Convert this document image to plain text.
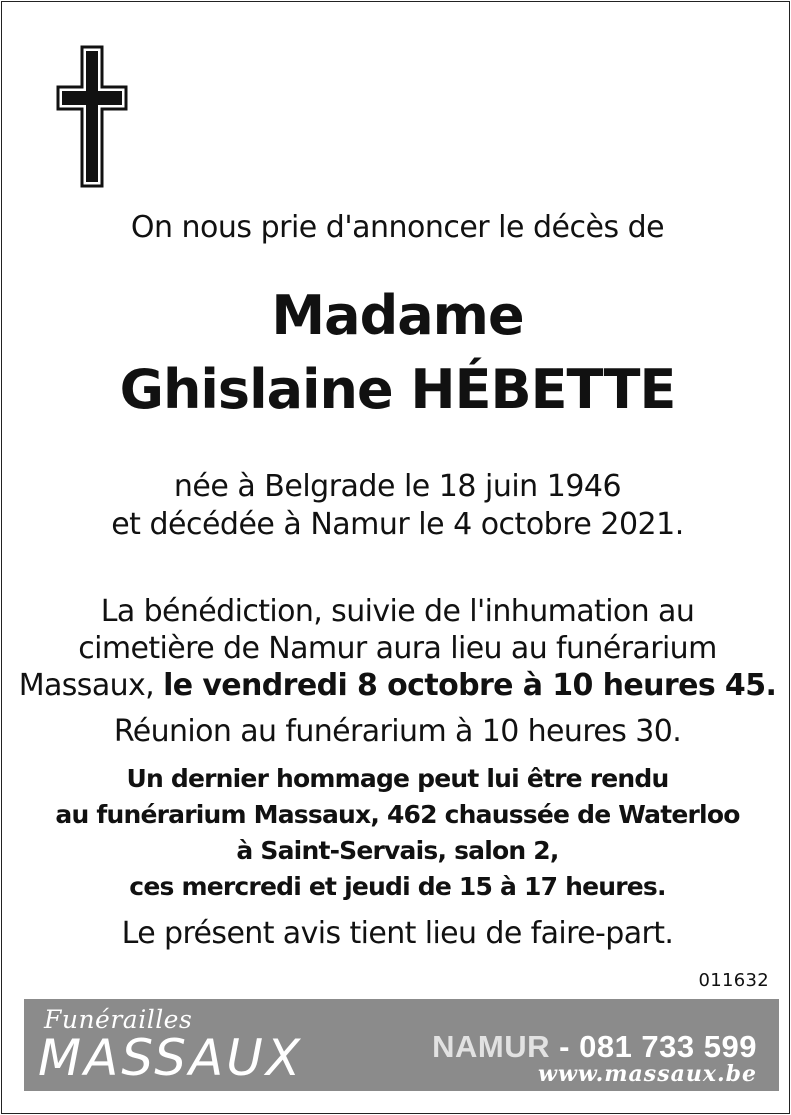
On nous prie d'annoncer le décès de
Madame
Ghislaine HÉBETTE
née à Belgrade le 18 juin 1946
et décédée à Namur le 4 octobre 2021.
La bénédiction, suivie de l'inhumation au
cimetière de Namur aura lieu au funérarium
Massaux, le vendredi 8 octobre à 10 heures 45.
Réunion au funérarium à 10 heures 30.
Un dernier hommage peut lui être rendu
au funérarium Massaux, 462 chaussée de Waterloo
à Saint-Servais, salon 2,
ces mercredi et jeudi de 15 à 17 heures.
Le présent avis tient lieu de faire-part.
011632
Funérailles
MASSAUX	NAMUR - 081 733 599
www.massaux.be
